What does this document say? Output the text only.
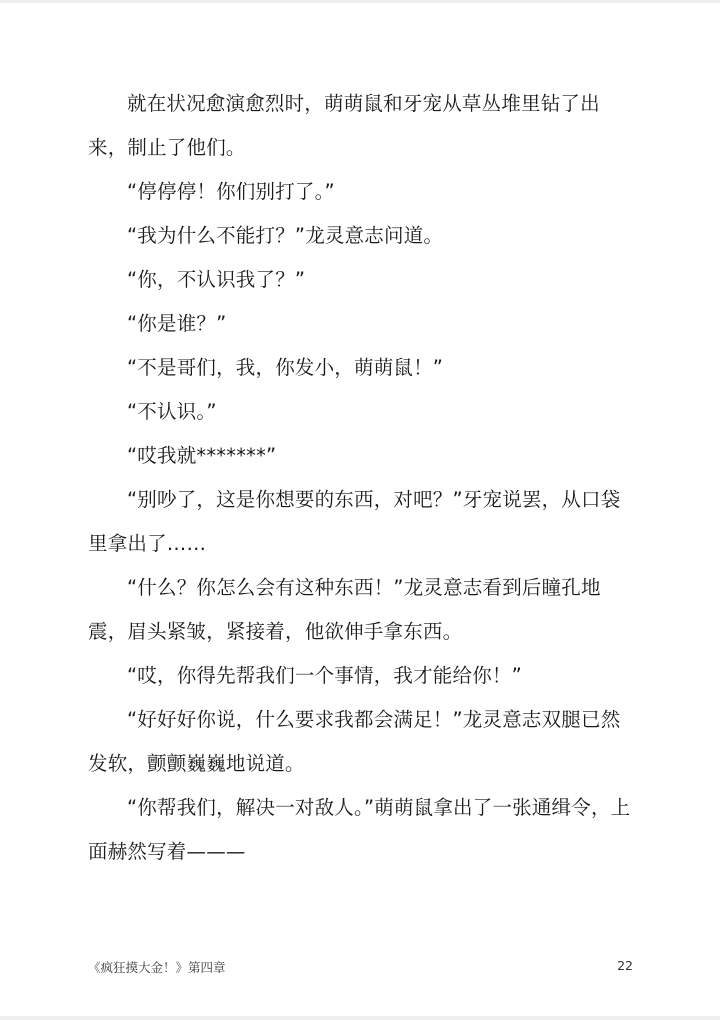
就在状况愈演愈烈时，萌萌鼠和牙宠从草丛堆里钻了出来，制止了他们。

“停停停！你们别打了。”

“我为什么不能打？”龙灵意志问道。

“你，不认识我了？”

“你是谁？”

“不是哥们，我，你发小，萌萌鼠！”

“不认识。”

“哎我就*******”

“别吵了，这是你想要的东西，对吧？”牙宠说罢，从口袋里拿出了……

“什么？你怎么会有这种东西！”龙灵意志看到后瞳孔地震，眉头紧皱，紧接着，他欲伸手拿东西。

“哎，你得先帮我们一个事情，我才能给你！”

“好好好你说，什么要求我都会满足！”龙灵意志双腿已然发软，颤颤巍巍地说道。

“你帮我们，解决一对敌人。”萌萌鼠拿出了一张通缉令，上面赫然写着———

《疯狂摸大金！》第四章	22
